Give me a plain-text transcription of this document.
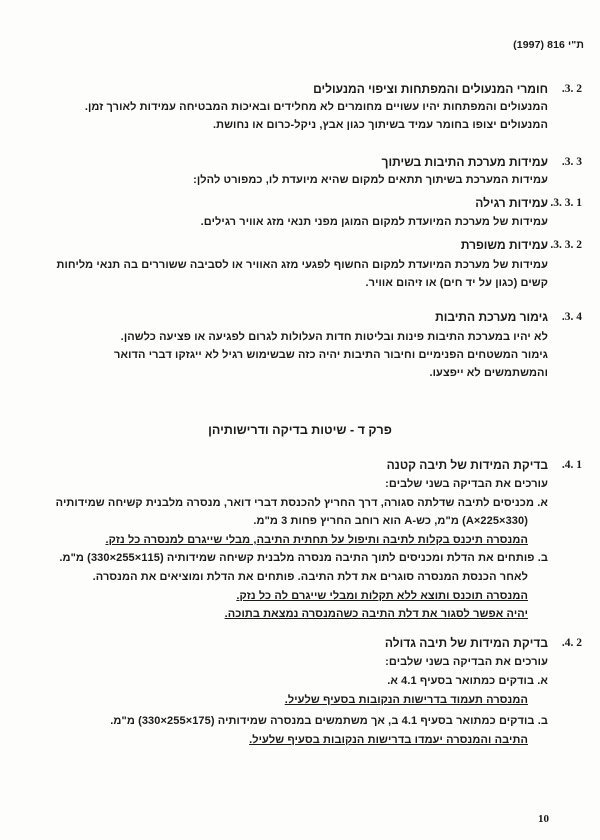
ת"י 816 (1997)
.3. 2
חומרי המנעולים והמפתחות וציפוי המנעולים
המנעולים והמפתחות יהיו עשויים מחומרים לא מחלידים ובאיכות המבטיחה עמידות לאורך זמן.
המנעולים יצופו בחומר עמיד בשיתוך כגון אבץ, ניקל-כרום או נחושת.
.3. 3
עמידות מערכת התיבות בשיתוך
עמידות המערכת בשיתוך תתאים למקום שהיא מיועדת לו, כמפורט להלן:
.3. 3. 1
עמידות רגילה
עמידות של מערכת המיועדת למקום המוגן מפני תנאי מזג אוויר רגילים.
.3. 3. 2
עמידות משופרת
עמידות של מערכת המיועדת למקום החשוף לפגעי מזג האוויר או לסביבה ששוררים בה תנאי מליחות
קשים (כגון על יד חים) או זיהום אוויר.
.3. 4
גימור מערכת התיבות
לא יהיו במערכת התיבות פינות ובליטות חדות העלולות לגרום לפגיעה או פציעה כלשהן.
גימור המשטחים הפנימיים וחיבור התיבות יהיה כזה שבשימוש רגיל לא ייגזקו דברי הדואר
והמשתמשים לא ייפצעו.
פרק ד - שיטות בדיקה ודרישותיהן
.4. 1
בדיקת המידות של תיבה קטנה
עורכים את הבדיקה בשני שלבים:
א. מכניסים לתיבה שדלתה סגורה, דרך החריץ להכנסת דברי דואר, מנסרה מלבנית קשיחה שמידותיה
(A×225×330) מ"מ, כש-A הוא רוחב החריץ פחות 3 מ"מ.
המנסרה תיכנס בקלות לתיבה ותיפול על תחתית התיבה, מבלי שייגרם למנסרה כל נזק.
ב. פותחים את הדלת ומכניסים לתוך התיבה מנסרה מלבנית קשיחה שמידותיה (115×255×330) מ"מ.
לאחר הכנסת המנסרה סוגרים את דלת התיבה. פותחים את הדלת ומוציאים את המנסרה.
המנסרה תוכנס ותוצא ללא תקלות ומבלי שייגרם לה כל נזק.
יהיה אפשר לסגור את דלת התיבה כשהמנסרה נמצאת בתוכה.
.4. 2
בדיקת המידות של תיבה גדולה
עורכים את הבדיקה בשני שלבים:
א. בודקים כמתואר בסעיף 4.1 א.
המנסרה תעמוד בדרישות הנקובות בסעיף שלעיל.
ב. בודקים כמתואר בסעיף 4.1 ב, אך משתמשים במנסרה שמידותיה (175×255×330) מ"מ.
התיבה והמנסרה יעמדו בדרישות הנקובות בסעיף שלעיל.
10
